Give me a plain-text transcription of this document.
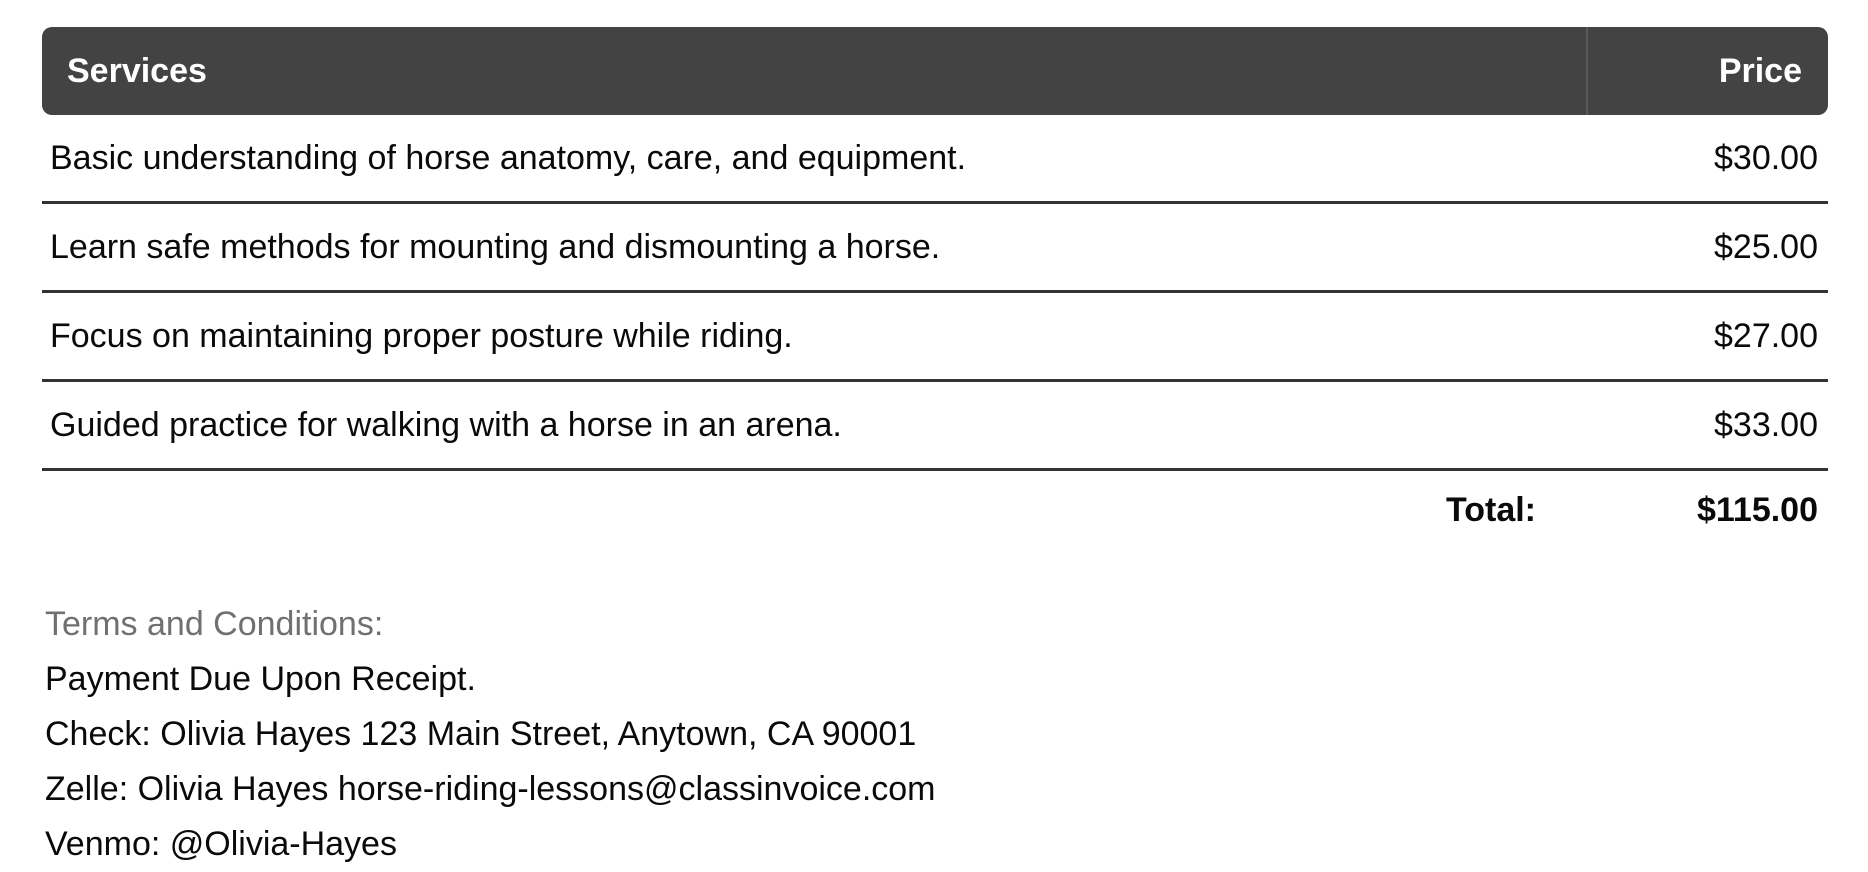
Services	Price
Basic understanding of horse anatomy, care, and equipment.	$30.00
Learn safe methods for mounting and dismounting a horse.	$25.00
Focus on maintaining proper posture while riding.	$27.00
Guided practice for walking with a horse in an arena.	$33.00
Total:	$115.00
Terms and Conditions:
Payment Due Upon Receipt.
Check: Olivia Hayes 123 Main Street, Anytown, CA 90001
Zelle: Olivia Hayes horse-riding-lessons@classinvoice.com
Venmo: @Olivia-Hayes
